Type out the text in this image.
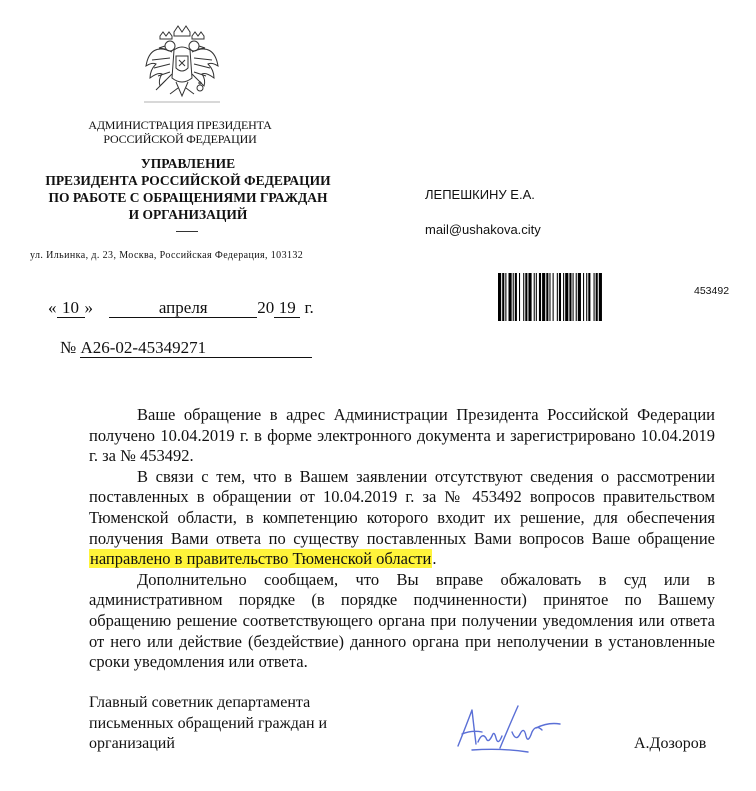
АДМИНИСТРАЦИЯ ПРЕЗИДЕНТА
РОССИЙСКОЙ ФЕДЕРАЦИИ
УПРАВЛЕНИЕ
ПРЕЗИДЕНТА РОССИЙСКОЙ ФЕДЕРАЦИИ
ПО РАБОТЕ С ОБРАЩЕНИЯМИ ГРАЖДАН
И ОРГАНИЗАЦИЙ
ул. Ильинка, д. 23, Москва, Российская Федерация, 103132
ЛЕПЕШКИНУ Е.А.
mail@ushakova.city
453492
« 10 »	апреля	20 19 г.
№ А26-02-45349271

Ваше обращение в адрес Администрации Президента Российской Федерации получено 10.04.2019 г. в форме электронного документа и зарегистрировано 10.04.2019 г. за № 453492.

В связи с тем, что в Вашем заявлении отсутствуют сведения о рассмотрении поставленных в обращении от 10.04.2019 г. за № 453492 вопросов правительством Тюменской области, в компетенцию которого входит их решение, для обеспечения получения Вами ответа по существу поставленных Вами вопросов Ваше обращение направлено в правительство Тюменской области.

Дополнительно сообщаем, что Вы вправе обжаловать в суд или в административном порядке (в порядке подчиненности) принятое по Вашему обращению решение соответствующего органа при получении уведомления или ответа от него или действие (бездействие) данного органа при неполучении в установленные сроки уведомления или ответа.

Главный советник департамента
письменных обращений граждан и
организаций	А.Дозоров
